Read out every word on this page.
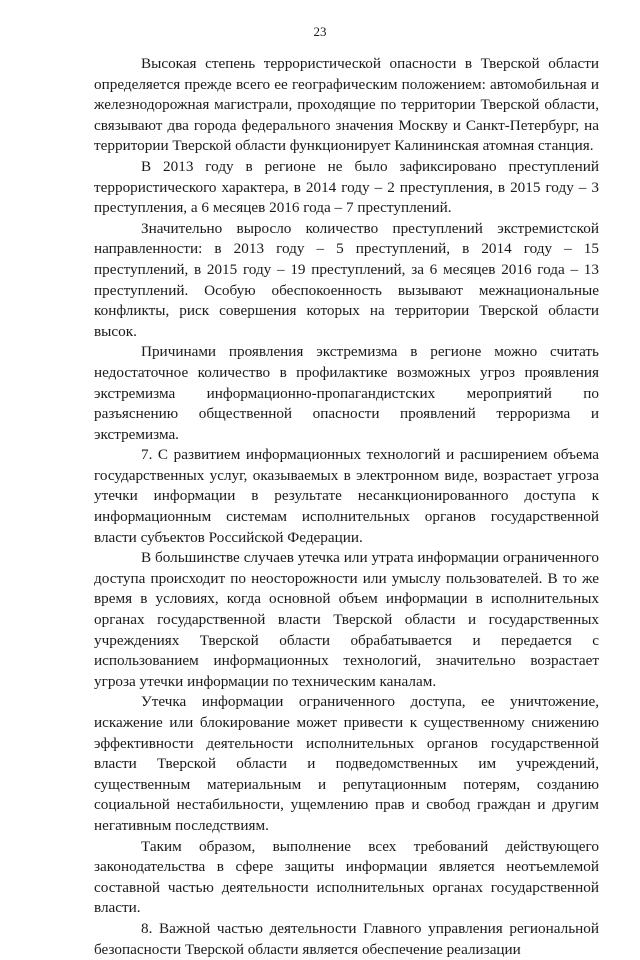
23

Высокая степень террористической опасности в Тверской области определяется прежде всего ее географическим положением: автомобильная и железнодорожная магистрали, проходящие по территории Тверской области, связывают два города федерального значения Москву и Санкт-Петербург, на территории Тверской области функционирует Калининская атомная станция.

В 2013 году в регионе не было зафиксировано преступлений террористического характера, в 2014 году – 2 преступления, в 2015 году – 3 преступления, а 6 месяцев 2016 года – 7 преступлений.

Значительно выросло количество преступлений экстремистской направленности: в 2013 году – 5 преступлений, в 2014 году – 15 преступлений, в 2015 году – 19 преступлений, за 6 месяцев 2016 года – 13 преступлений. Особую обеспокоенность вызывают межнациональные конфликты, риск совершения которых на территории Тверской области высок.

Причинами проявления экстремизма в регионе можно считать недостаточное количество в профилактике возможных угроз проявления экстремизма информационно-пропагандистских мероприятий по разъяснению общественной опасности проявлений терроризма и экстремизма.

7. С развитием информационных технологий и расширением объема государственных услуг, оказываемых в электронном виде, возрастает угроза утечки информации в результате несанкционированного доступа к информационным системам исполнительных органов государственной власти субъектов Российской Федерации.

В большинстве случаев утечка или утрата информации ограниченного доступа происходит по неосторожности или умыслу пользователей. В то же время в условиях, когда основной объем информации в исполнительных органах государственной власти Тверской области и государственных учреждениях Тверской области обрабатывается и передается с использованием информационных технологий, значительно возрастает угроза утечки информации по техническим каналам.

Утечка информации ограниченного доступа, ее уничтожение, искажение или блокирование может привести к существенному снижению эффективности деятельности исполнительных органов государственной власти Тверской области и подведомственных им учреждений, существенным материальным и репутационным потерям, созданию социальной нестабильности, ущемлению прав и свобод граждан и другим негативным последствиям.

Таким образом, выполнение всех требований действующего законодательства в сфере защиты информации является неотъемлемой составной частью деятельности исполнительных органах государственной власти.

8. Важной частью деятельности Главного управления региональной безопасности Тверской области является обеспечение реализации
